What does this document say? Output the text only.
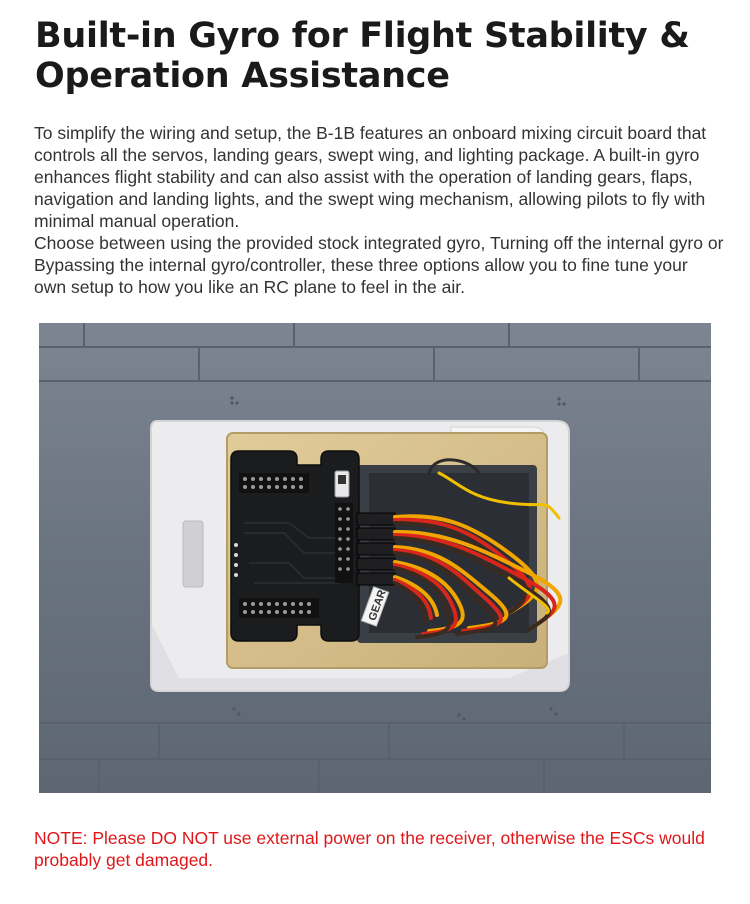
Built-in Gyro for Flight Stability & Operation Assistance

To simplify the wiring and setup, the B-1B features an onboard mixing circuit board that controls all the servos, landing gears, swept wing, and lighting package. A built-in gyro enhances flight stability and can also assist with the operation of landing gears, flaps, navigation and landing lights, and the swept wing mechanism, allowing pilots to fly with minimal manual operation.

Choose between using the provided stock integrated gyro, Turning off the internal gyro or Bypassing the internal gyro/controller, these three options allow you to fine tune your own setup to how you like an RC plane to feel in the air.

GEAR

NOTE: Please DO NOT use external power on the receiver, otherwise the ESCs would probably get damaged.
